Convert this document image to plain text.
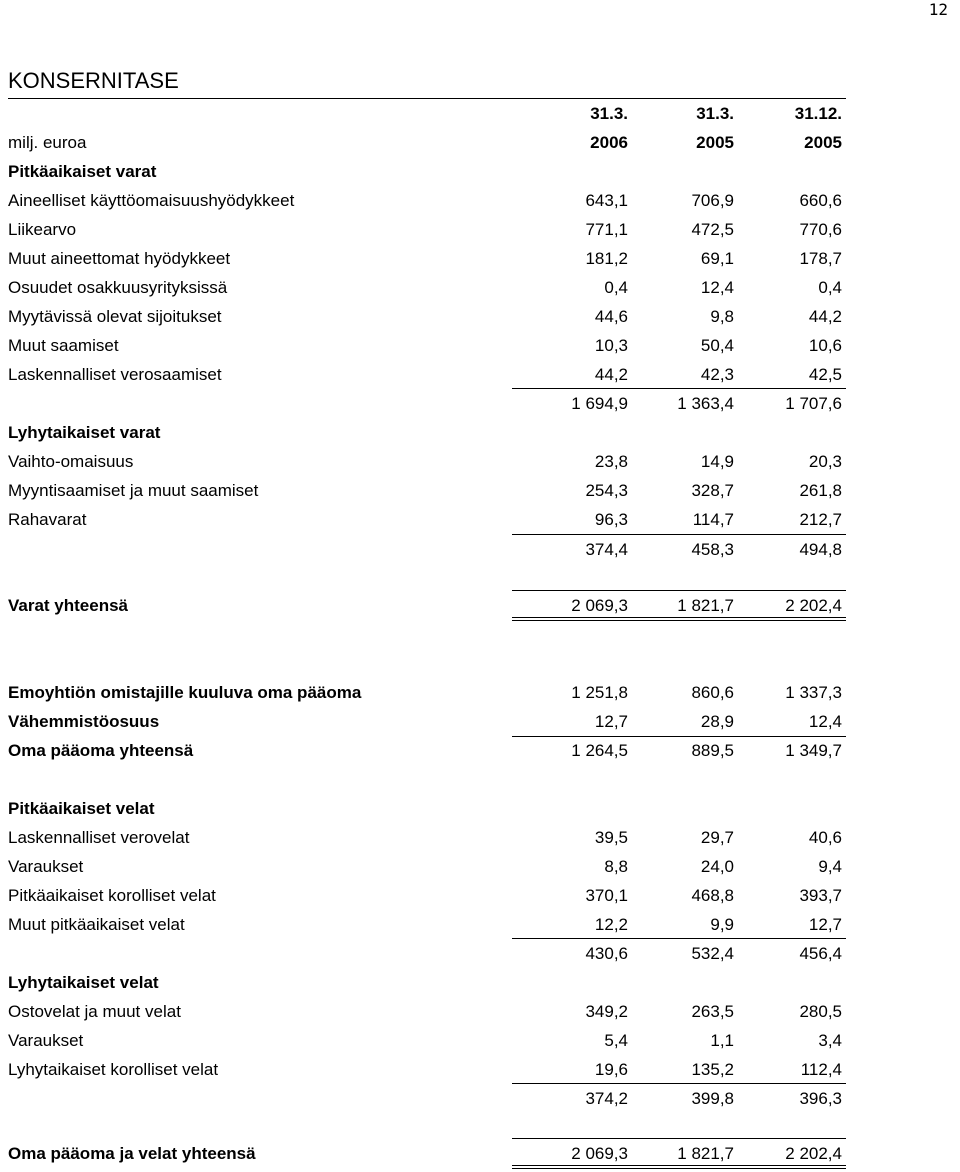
12
KONSERNITASE
31.3.	31.3.	31.12.
milj. euroa	2006	2005	2005
Pitkäaikaiset varat
Aineelliset käyttöomaisuushyödykkeet	643,1	706,9	660,6
Liikearvo	771,1	472,5	770,6
Muut aineettomat hyödykkeet	181,2	69,1	178,7
Osuudet osakkuusyrityksissä	0,4	12,4	0,4
Myytävissä olevat sijoitukset	44,6	9,8	44,2
Muut saamiset	10,3	50,4	10,6
Laskennalliset verosaamiset	44,2	42,3	42,5
1 694,9	1 363,4	1 707,6
Lyhytaikaiset varat
Vaihto-omaisuus	23,8	14,9	20,3
Myyntisaamiset ja muut saamiset	254,3	328,7	261,8
Rahavarat	96,3	114,7	212,7
374,4	458,3	494,8
Varat yhteensä	2 069,3	1 821,7	2 202,4
Emoyhtiön omistajille kuuluva oma pääoma	1 251,8	860,6	1 337,3
Vähemmistöosuus	12,7	28,9	12,4
Oma pääoma yhteensä	1 264,5	889,5	1 349,7
Pitkäaikaiset velat
Laskennalliset verovelat	39,5	29,7	40,6
Varaukset	8,8	24,0	9,4
Pitkäaikaiset korolliset velat	370,1	468,8	393,7
Muut pitkäaikaiset velat	12,2	9,9	12,7
430,6	532,4	456,4
Lyhytaikaiset velat
Ostovelat ja muut velat	349,2	263,5	280,5
Varaukset	5,4	1,1	3,4
Lyhytaikaiset korolliset velat	19,6	135,2	112,4
374,2	399,8	396,3
Oma pääoma ja velat yhteensä	2 069,3	1 821,7	2 202,4
